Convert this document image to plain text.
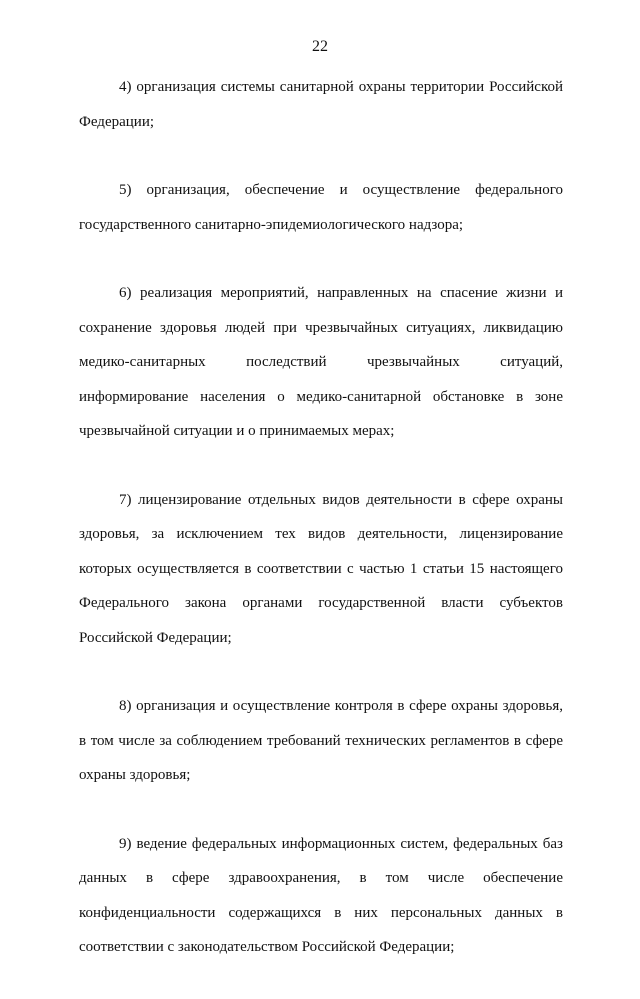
22
4) организация системы санитарной охраны территории Российской
Федерации;
5) организация, обеспечение и осуществление федерального
государственного санитарно-эпидемиологического надзора;
6) реализация мероприятий, направленных на спасение жизни и
сохранение здоровья людей при чрезвычайных ситуациях, ликвидацию
медико-санитарных последствий чрезвычайных ситуаций,
информирование населения о медико-санитарной обстановке в зоне
чрезвычайной ситуации и о принимаемых мерах;
7) лицензирование отдельных видов деятельности в сфере охраны
здоровья, за исключением тех видов деятельности, лицензирование
которых осуществляется в соответствии с частью 1 статьи 15 настоящего
Федерального закона органами государственной власти субъектов
Российской Федерации;
8) организация и осуществление контроля в сфере охраны здоровья,
в том числе за соблюдением требований технических регламентов в сфере
охраны здоровья;
9) ведение федеральных информационных систем, федеральных баз
данных в сфере здравоохранения, в том числе обеспечение
конфиденциальности содержащихся в них персональных данных в
соответствии с законодательством Российской Федерации;
